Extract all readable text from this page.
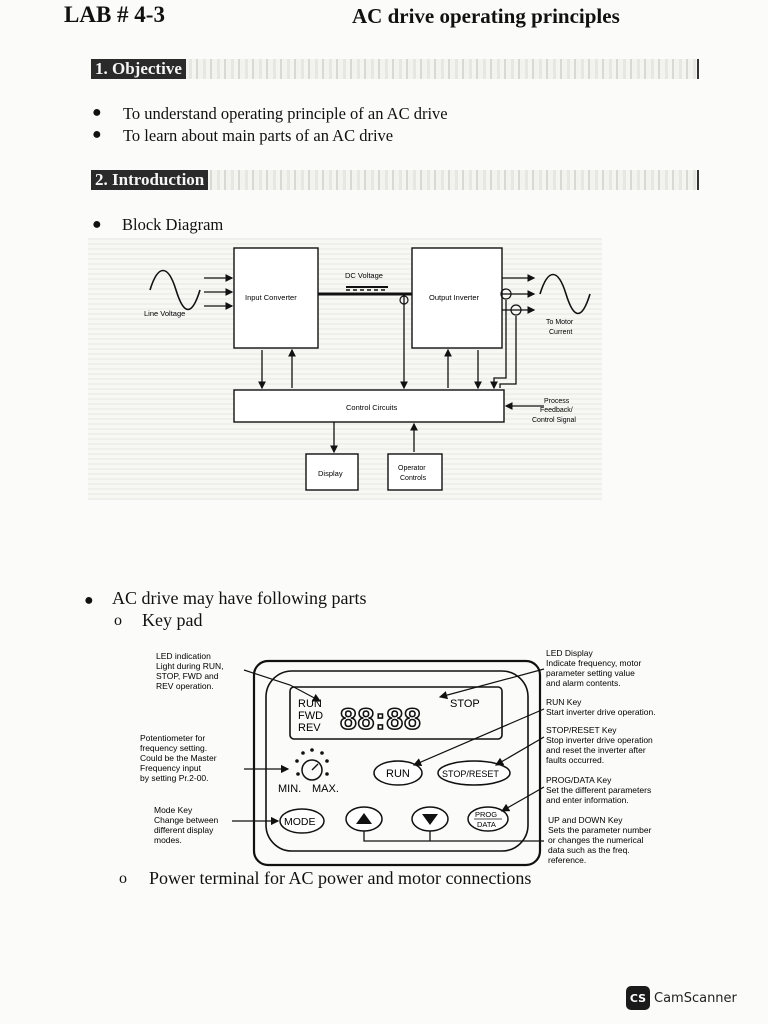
LAB # 4-3	AC drive operating principles
1. Objective
● To understand operating principle of an AC drive
● To learn about main parts of an AC drive
2. Introduction
● Block Diagram
Line Voltage
Input Converter
DC Voltage
Output Inverter
To Motor
Current
Control Circuits
Process
Feedback/
Control Signal
Display
Operator
Controls
● AC drive may have following parts
o Key pad
RUN
FWD
REV 88:88	STOP
MIN. MAX.
RUN	STOP/RESET
MODE
PROG
DATA
LED indication
Light during RUN,
STOP, FWD and
REV operation.
Potentiometer for
frequency setting.
Could be the Master
Frequency input
by setting Pr.2-00.
Mode Key
Change between
different display
modes.
LED Display
Indicate frequency, motor
parameter setting value
and alarm contents.
RUN Key
Start inverter drive operation.
STOP/RESET Key
Stop inverter drive operation
and reset the inverter after
faults occurred.
PROG/DATA Key
Set the different parameters
and enter information.
UP and DOWN Key
Sets the parameter number
or changes the numerical
data such as the freq.
reference.
o Power terminal for AC power and motor connections
CS CamScanner
